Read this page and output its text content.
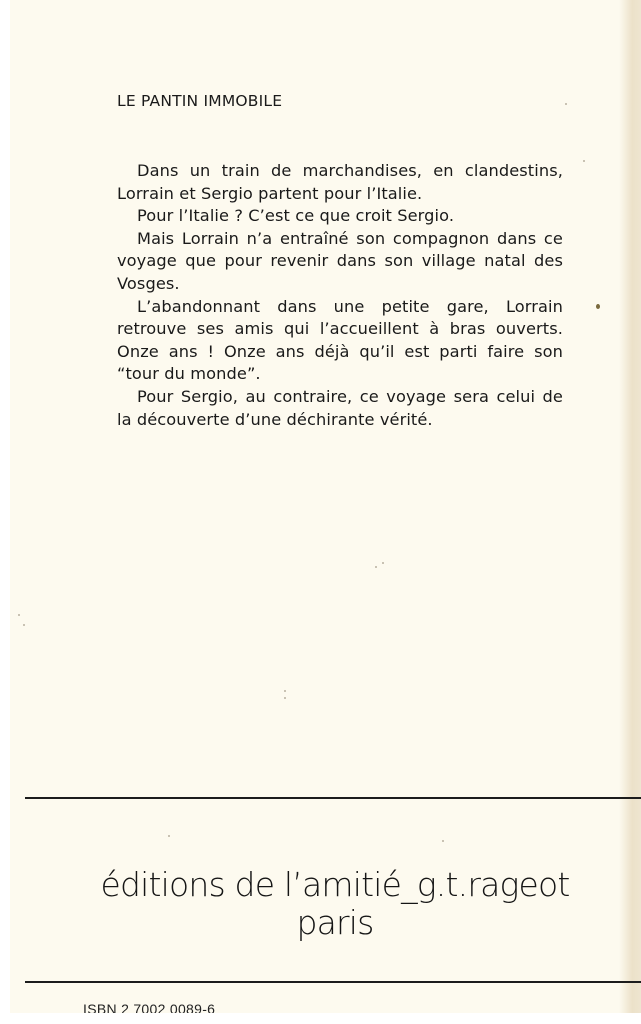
LE PANTIN IMMOBILE

Dans un train de marchandises, en clandestins, Lorrain et Sergio partent pour l’Italie.

Pour l’Italie ? C’est ce que croit Sergio.

Mais Lorrain n’a entraîné son compagnon dans ce voyage que pour revenir dans son village natal des Vosges.

L’abandonnant dans une petite gare, Lorrain retrouve ses amis qui l’accueillent à bras ouverts. Onze ans ! Onze ans déjà qu’il est parti faire son “tour du monde”.

Pour Sergio, au contraire, ce voyage sera celui de la découverte d’une déchirante vérité.

éditions de l’amitié_g.t.rageot
paris
ISBN 2 7002 0089-6
